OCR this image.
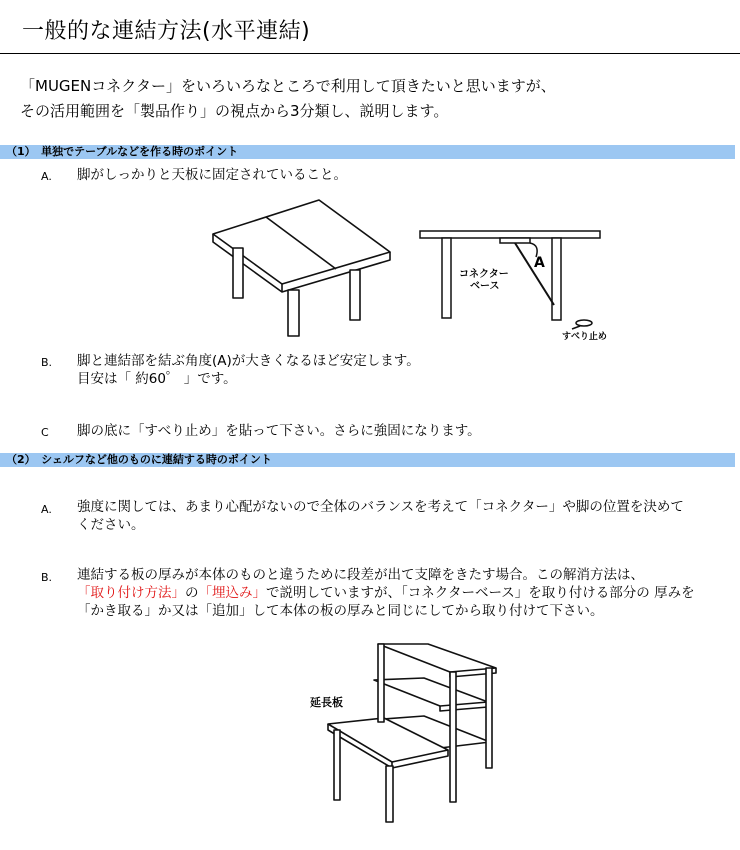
一般的な連結方法(水平連結)
「MUGENコネクター」をいろいろなところで利用して頂きたいと思いますが、
その活用範囲を「製品作り」の視点から3分類し、説明します。
（1）　単独でテーブルなどを作る時のポイント
A. 脚がしっかりと天板に固定されていること。
コネクター
ベース
A
すべり止め
B. 脚と連結部を結ぶ角度(A)が大きくなるほど安定します。
目安は「 約60゜ 」です。
C 脚の底に「すべり止め」を貼って下さい。さらに強固になります。
（2）　シェルフなど他のものに連結する時のポイント
A. 強度に関しては、あまり心配がないので全体のバランスを考えて「コネクター」や脚の位置を決めて
ください。
B. 連結する板の厚みが本体のものと違うために段差が出て支障をきたす場合。この解消方法は、
「取り付け方法」の「埋込み」で説明していますが、「コネクターベース」を取り付ける部分の 厚みを
「かき取る」か又は「追加」して本体の板の厚みと同じにしてから取り付けて下さい。
延長板
